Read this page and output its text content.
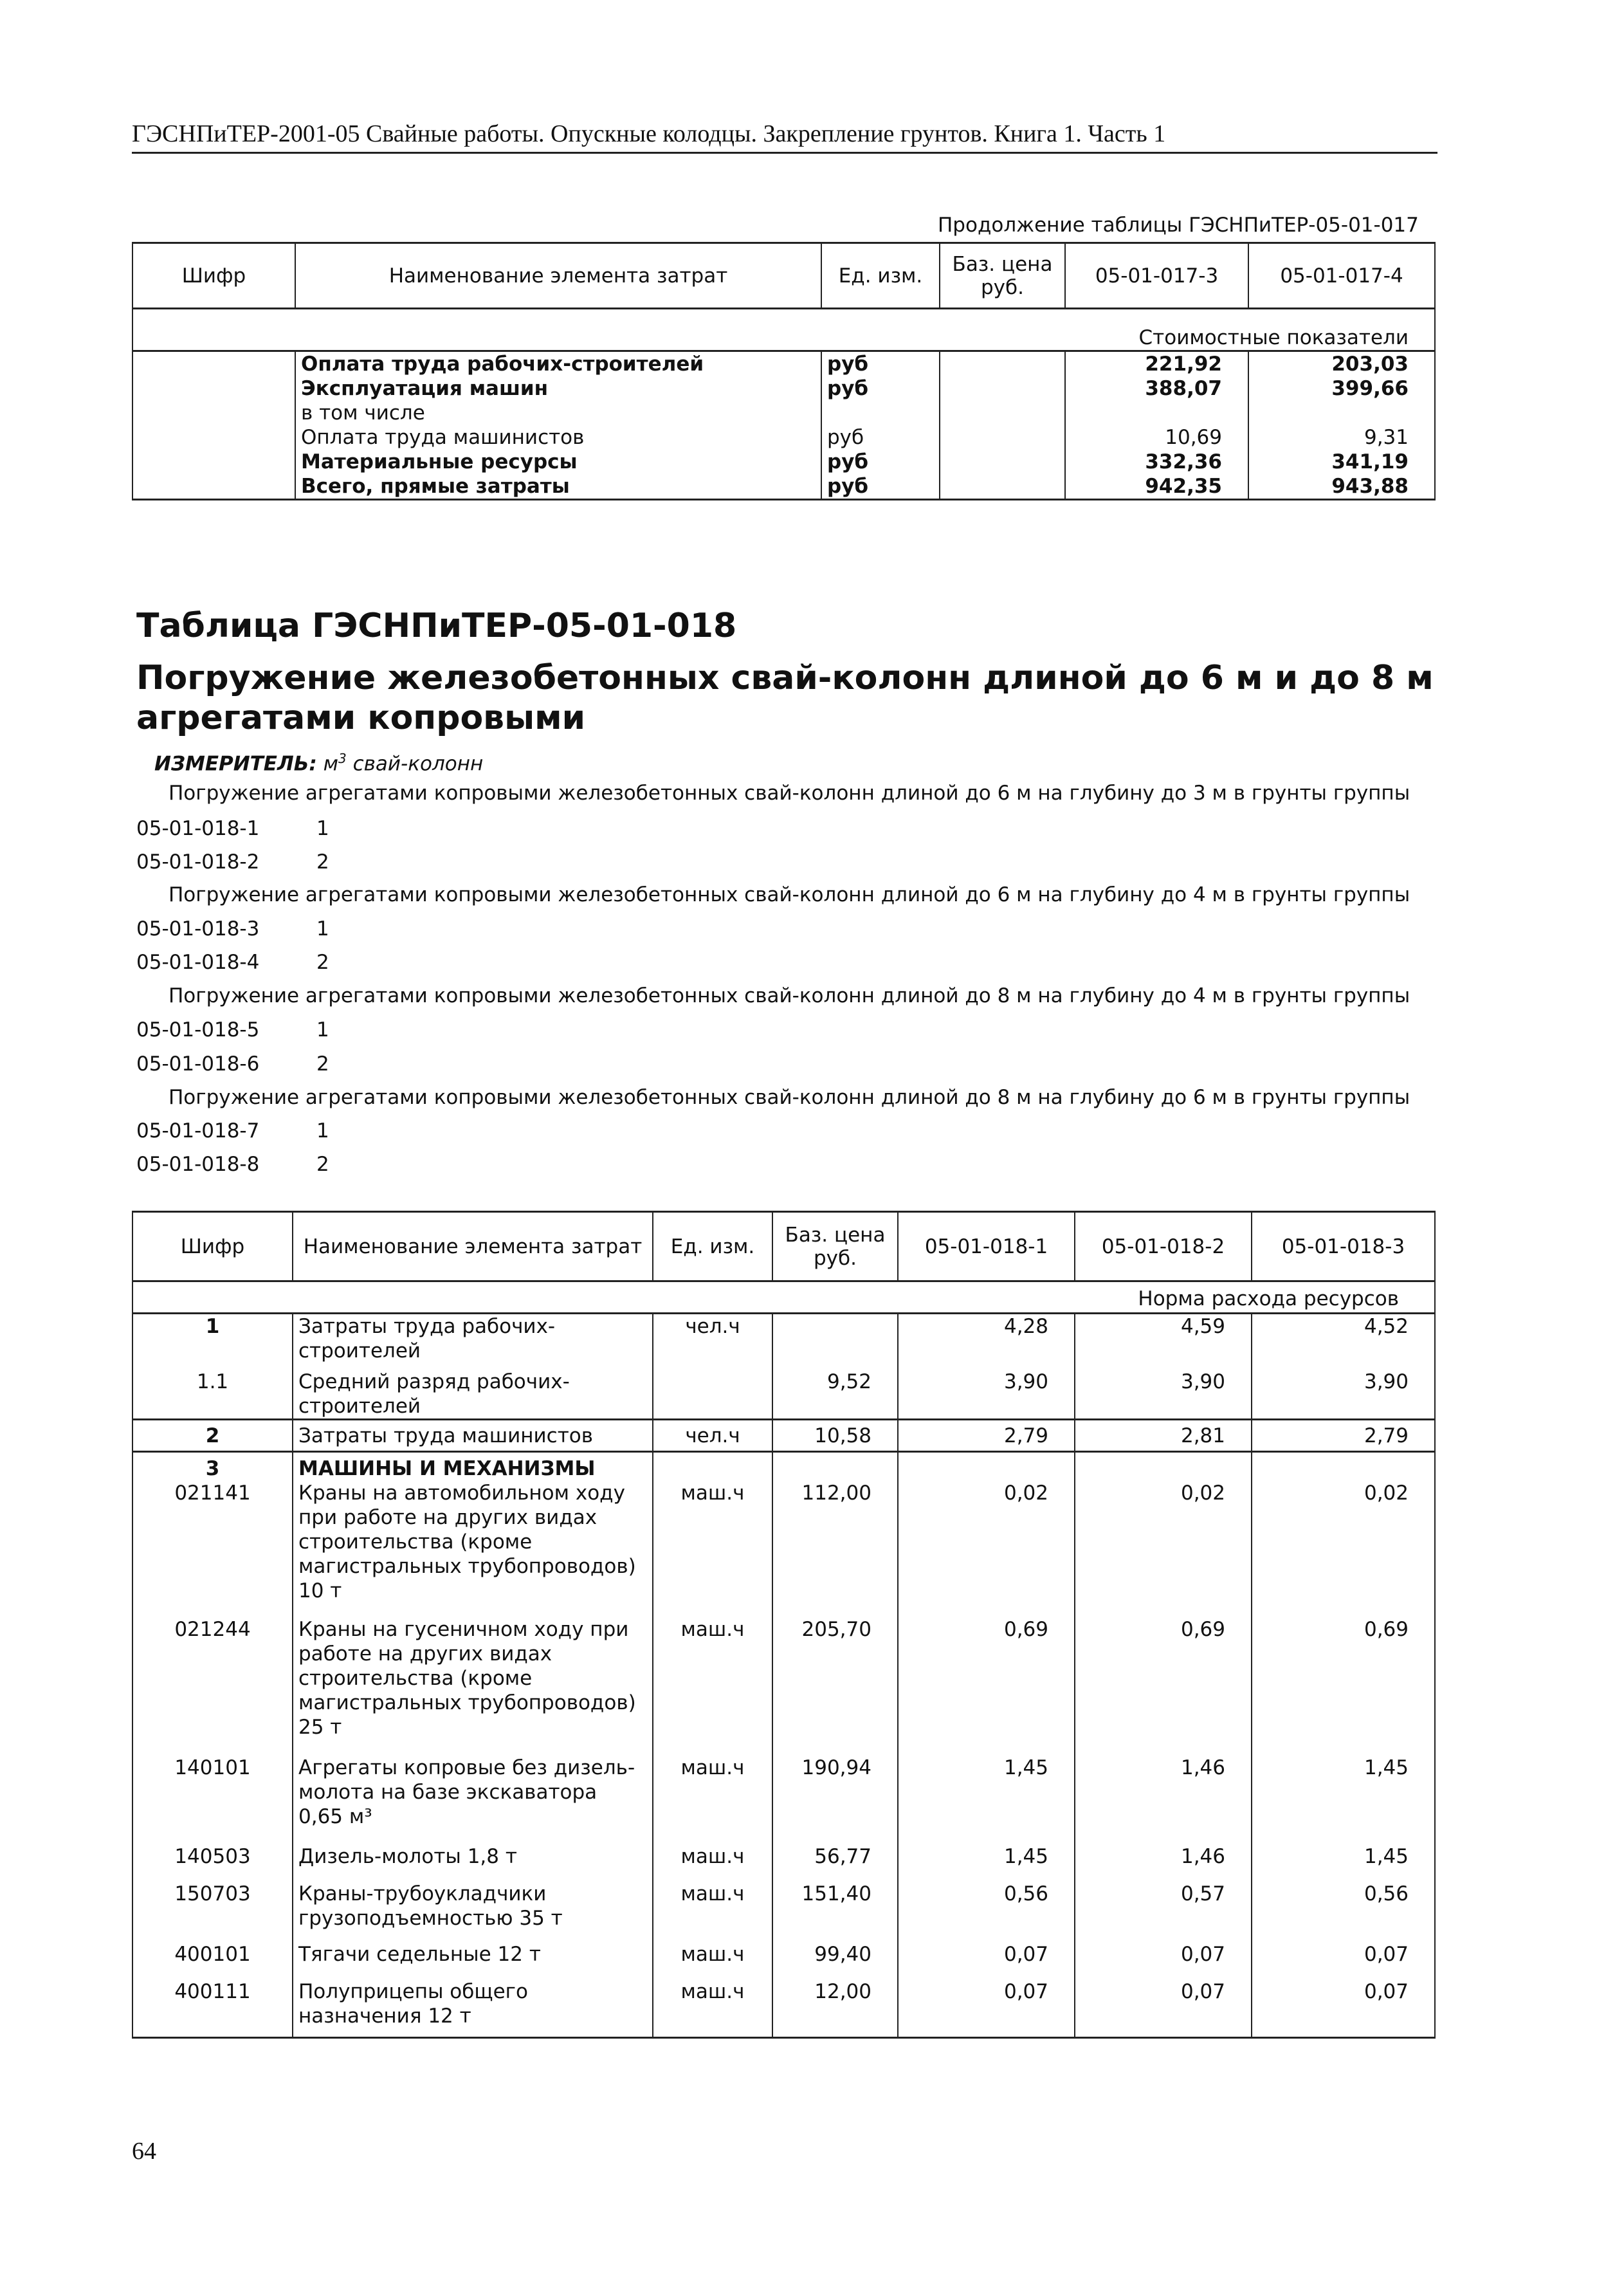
ГЭСНПиТЕР-2001-05 Свайные работы. Опускные колодцы. Закрепление грунтов. Книга 1. Часть 1
Продолжение таблицы ГЭСНПиТЕР-05-01-017
Шифр	Наименование элемента затрат	Ед. изм.	Баз. цена руб.	05-01-017-3	05-01-017-4
Стоимостные показатели					
	Оплата труда рабочих-строителей	руб		221,92	203,03
	Эксплуатация машин	руб		388,07	399,66
	в том числе				
	Оплата труда машинистов	руб		10,69	9,31
	Материальные ресурсы	руб		332,36	341,19
	Всего, прямые затраты	руб		942,35	943,88
Таблица ГЭСНПиТЕР-05-01-018
Погружение железобетонных свай-колонн длиной до 6 м и до 8 м агрегатами копровыми
ИЗМЕРИТЕЛЬ: $м^3$ свай-колонн
Погружение агрегатами копровыми железобетонных свай-колонн длиной до 6 м на глубину до 3 м в грунты группы
05-01-018-1	1
05-01-018-2	2
Погружение агрегатами копровыми железобетонных свай-колонн длиной до 6 м на глубину до 4 м в грунты группы
05-01-018-3	1
05-01-018-4	2
Погружение агрегатами копровыми железобетонных свай-колонн длиной до 8 м на глубину до 4 м в грунты группы
05-01-018-5	1
05-01-018-6	2
Погружение агрегатами копровыми железобетонных свай-колонн длиной до 8 м на глубину до 6 м в грунты группы
05-01-018-7	1
05-01-018-8	2
Шифр	Наименование элемента затрат	Ед. изм.	Баз. цена руб.	05-01-018-1	05-01-018-2	05-01-018-3
Норма расхода ресурсов						
1	Затраты труда рабочих-строителей	чел.ч		4,28	4,59	4,52
1.1	Средний разряд рабочих-строителей		9,52	3,90	3,90	3,90
2	Затраты труда машинистов	чел.ч	10,58	2,79	2,81	2,79
3	МАШИНЫ И МЕХАНИЗМЫ					
021141	Краны на автомобильном ходу при работе на других видах строительства (кроме магистральных трубопроводов) 10 т	маш.ч	112,00	0,02	0,02	0,02
021244	Краны на гусеничном ходу при работе на других видах строительства (кроме магистральных трубопроводов) 25 т	маш.ч	205,70	0,69	0,69	0,69
140101	Агрегаты копровые без дизель-молота на базе экскаватора 0,65 м³	маш.ч	190,94	1,45	1,46	1,45
140503	Дизель-молоты 1,8 т	маш.ч	56,77	1,45	1,46	1,45
150703	Краны-трубоукладчики грузоподъемностью 35 т	маш.ч	151,40	0,56	0,57	0,56
400101	Тягачи седельные 12 т	маш.ч	99,40	0,07	0,07	0,07
400111	Полуприцепы общего назначения 12 т	маш.ч	12,00	0,07	0,07	0,07
64
